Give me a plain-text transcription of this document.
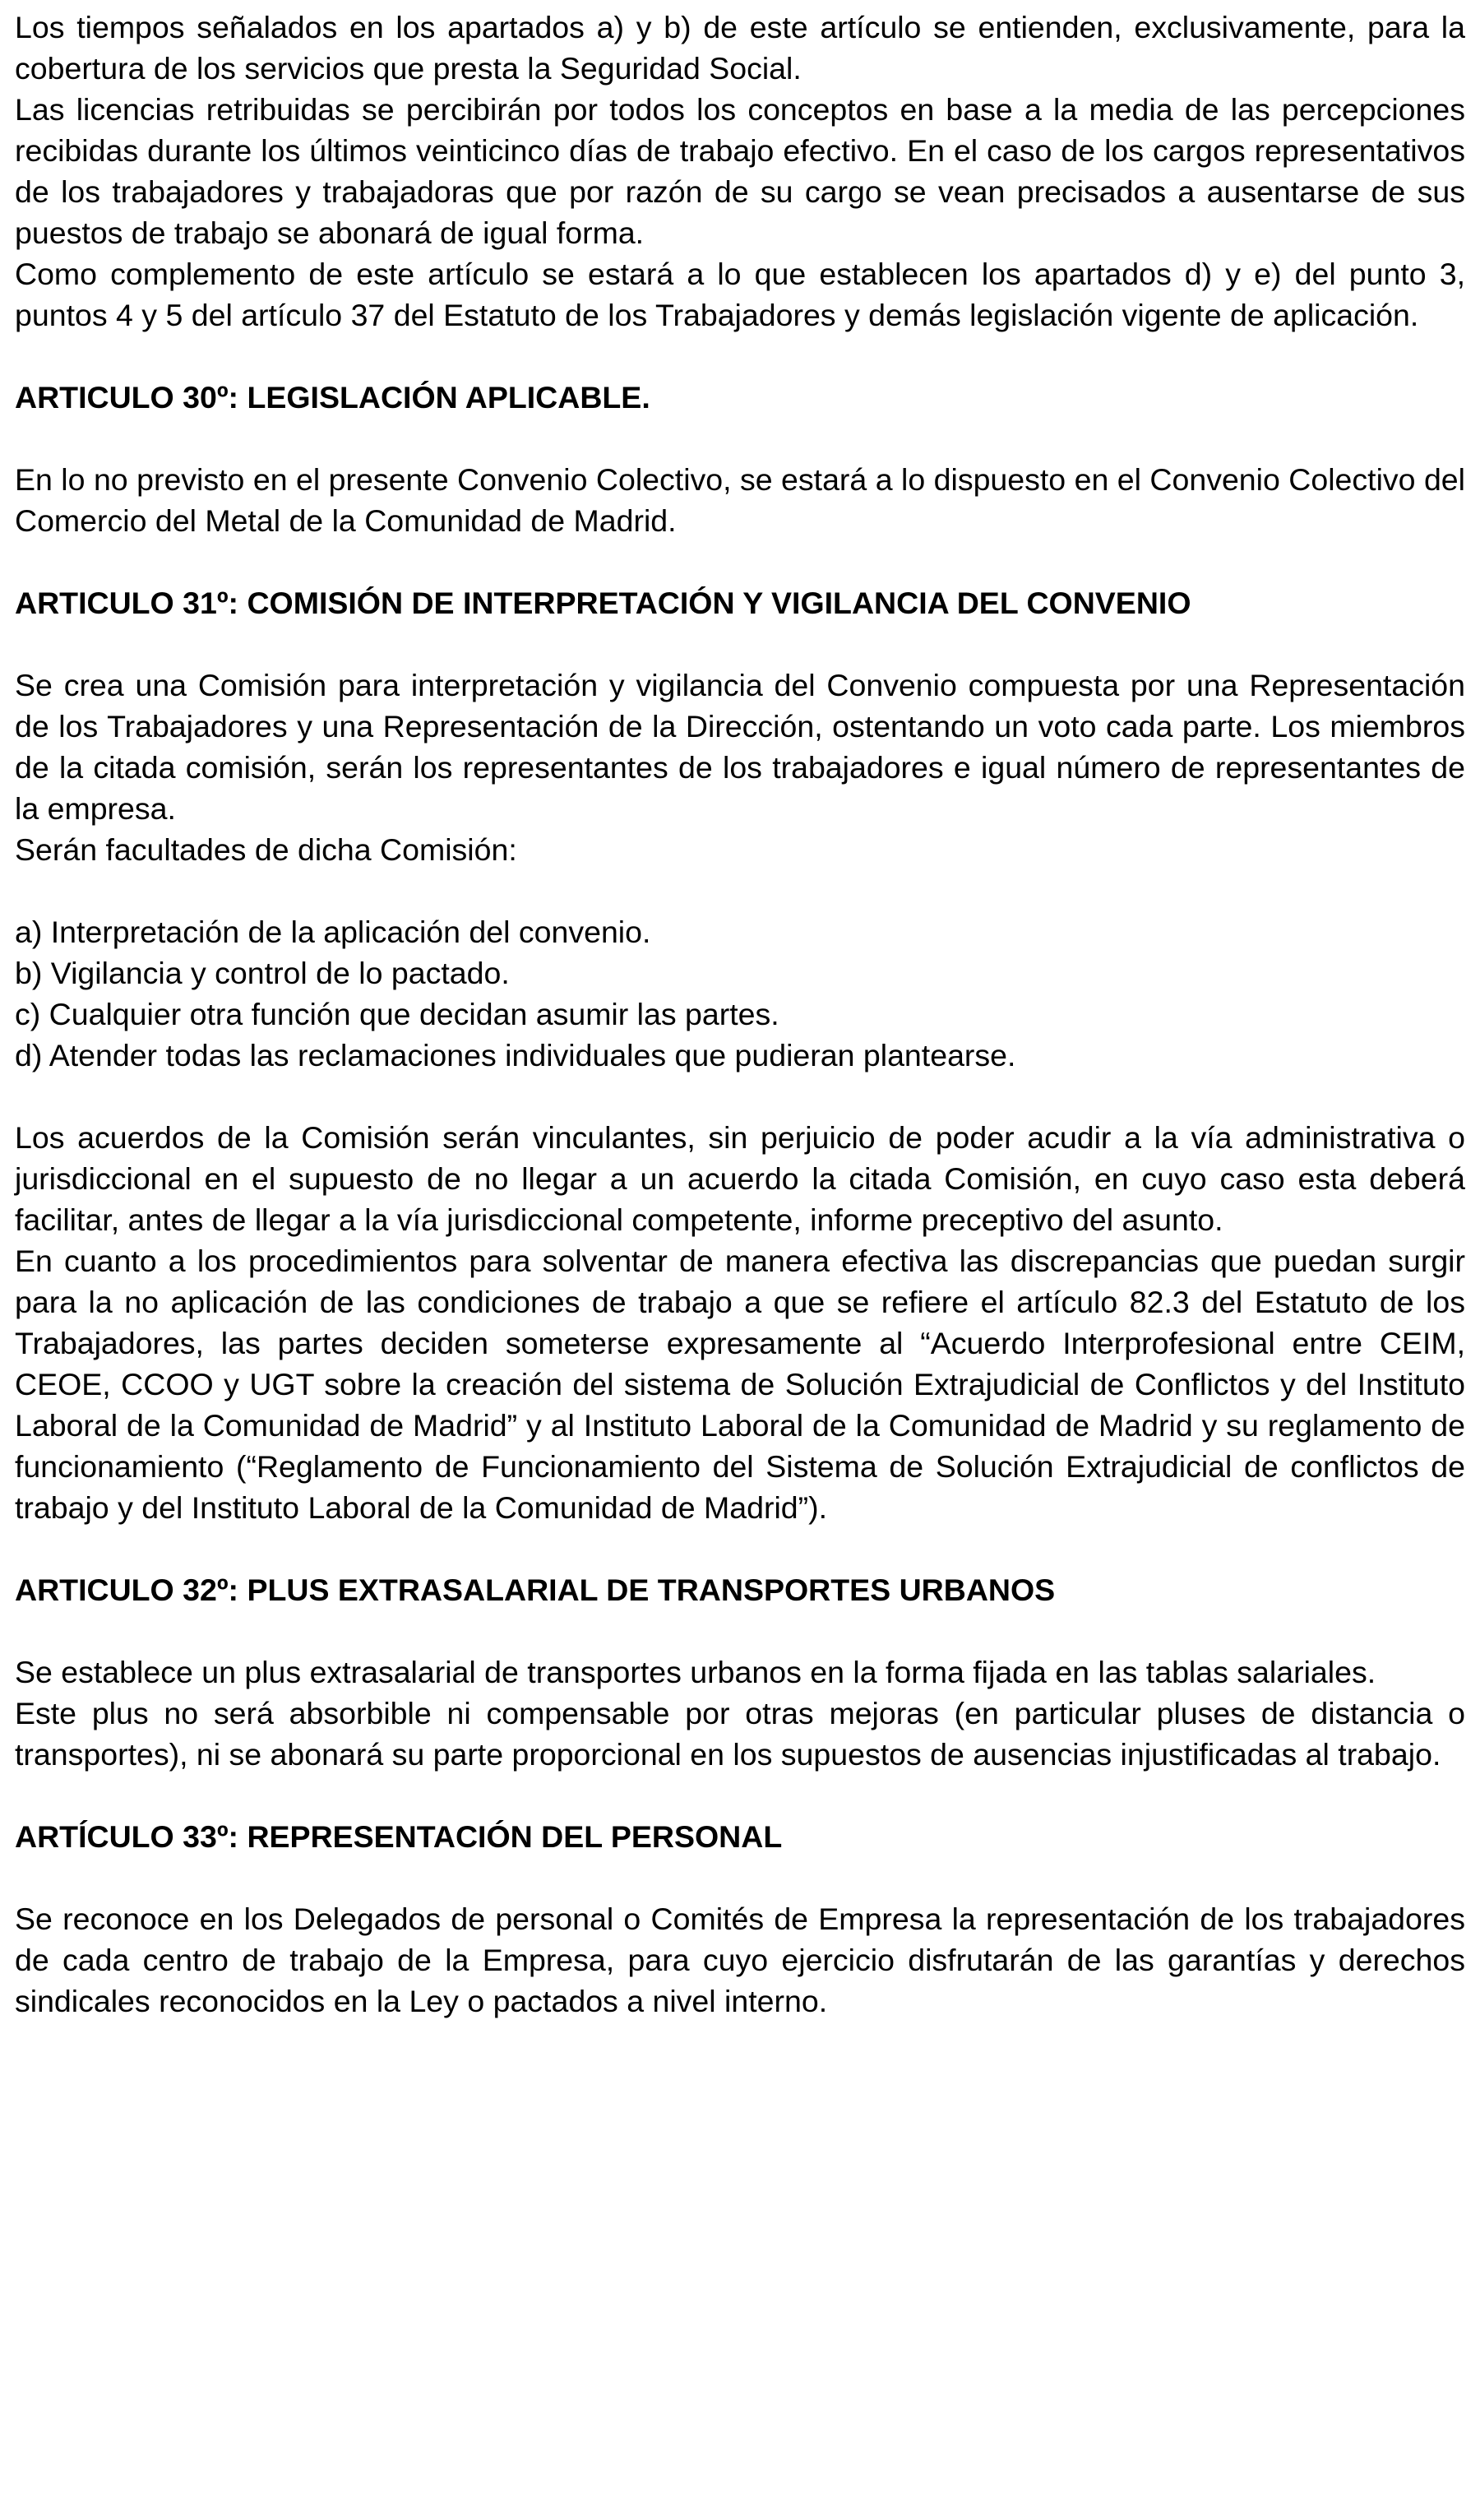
Los tiempos señalados en los apartados a) y b) de este artículo se entienden, exclusivamente, para la cobertura de los servicios que presta la Seguridad Social.

Las licencias retribuidas se percibirán por todos los conceptos en base a la media de las percepciones recibidas durante los últimos veinticinco días de trabajo efectivo. En el caso de los cargos representativos de los trabajadores y trabajadoras que por razón de su cargo se vean precisados a ausentarse de sus puestos de trabajo se abonará de igual forma.

Como complemento de este artículo se estará a lo que establecen los apartados d) y e) del punto 3, puntos 4 y 5 del artículo 37 del Estatuto de los Trabajadores y demás legislación vigente de aplicación.

ARTICULO 30º: LEGISLACIÓN APLICABLE.

En lo no previsto en el presente Convenio Colectivo, se estará a lo dispuesto en el Convenio Colectivo del Comercio del Metal de la Comunidad de Madrid.

ARTICULO 31º: COMISIÓN DE INTERPRETACIÓN Y VIGILANCIA DEL CONVENIO

Se crea una Comisión para interpretación y vigilancia del Convenio compuesta por una Representación de los Trabajadores y una Representación de la Dirección, ostentando un voto cada parte. Los miembros de la citada comisión, serán los representantes de los trabajadores e igual número de representantes de la empresa.

Serán facultades de dicha Comisión:

a) Interpretación de la aplicación del convenio.

b) Vigilancia y control de lo pactado.

c) Cualquier otra función que decidan asumir las partes.

d) Atender todas las reclamaciones individuales que pudieran plantearse.

Los acuerdos de la Comisión serán vinculantes, sin perjuicio de poder acudir a la vía administrativa o jurisdiccional en el supuesto de no llegar a un acuerdo la citada Comisión, en cuyo caso esta deberá facilitar, antes de llegar a la vía jurisdiccional competente, informe preceptivo del asunto.

En cuanto a los procedimientos para solventar de manera efectiva las discrepancias que puedan surgir para la no aplicación de las condiciones de trabajo a que se refiere el artículo 82.3 del Estatuto de los Trabajadores, las partes deciden someterse expresamente al “Acuerdo Interprofesional entre CEIM, CEOE, CCOO y UGT sobre la creación del sistema de Solución Extrajudicial de Conflictos y del Instituto Laboral de la Comunidad de Madrid” y al Instituto Laboral de la Comunidad de Madrid y su reglamento de funcionamiento (“Reglamento de Funcionamiento del Sistema de Solución Extrajudicial de conflictos de trabajo y del Instituto Laboral de la Comunidad de Madrid”).

ARTICULO 32º: PLUS EXTRASALARIAL DE TRANSPORTES URBANOS

Se establece un plus extrasalarial de transportes urbanos en la forma fijada en las tablas salariales.

Este plus no será absorbible ni compensable por otras mejoras (en particular pluses de distancia o transportes), ni se abonará su parte proporcional en los supuestos de ausencias injustificadas al trabajo.

ARTÍCULO 33º: REPRESENTACIÓN DEL PERSONAL

Se reconoce en los Delegados de personal o Comités de Empresa la representación de los trabajadores de cada centro de trabajo de la Empresa, para cuyo ejercicio disfrutarán de las garantías y derechos sindicales reconocidos en la Ley o pactados a nivel interno.
